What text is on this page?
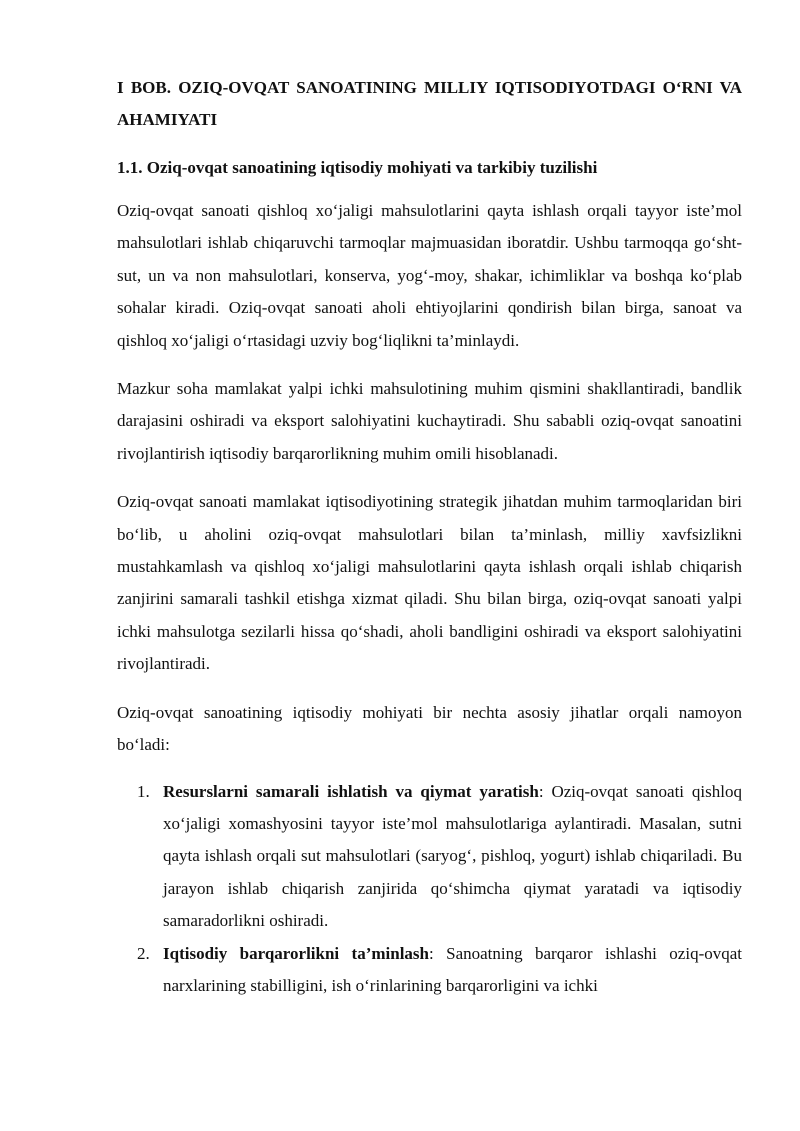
I BOB. OZIQ-OVQAT SANOATINING MILLIY IQTISODIYOTDAGI O‘RNI VA AHAMIYATI
1.1. Oziq-ovqat sanoatining iqtisodiy mohiyati va tarkibiy tuzilishi

Oziq-ovqat sanoati qishloq xo‘jaligi mahsulotlarini qayta ishlash orqali tayyor iste’mol mahsulotlari ishlab chiqaruvchi tarmoqlar majmuasidan iboratdir. Ushbu tarmoqqa go‘sht-sut, un va non mahsulotlari, konserva, yog‘-moy, shakar, ichimliklar va boshqa ko‘plab sohalar kiradi. Oziq-ovqat sanoati aholi ehtiyojlarini qondirish bilan birga, sanoat va qishloq xo‘jaligi o‘rtasidagi uzviy bog‘liqlikni ta’minlaydi.

Mazkur soha mamlakat yalpi ichki mahsulotining muhim qismini shakllantiradi, bandlik darajasini oshiradi va eksport salohiyatini kuchaytiradi. Shu sababli oziq-ovqat sanoatini rivojlantirish iqtisodiy barqarorlikning muhim omili hisoblanadi.

Oziq-ovqat sanoati mamlakat iqtisodiyotining strategik jihatdan muhim tarmoqlaridan biri bo‘lib, u aholini oziq-ovqat mahsulotlari bilan ta’minlash, milliy xavfsizlikni mustahkamlash va qishloq xo‘jaligi mahsulotlarini qayta ishlash orqali ishlab chiqarish zanjirini samarali tashkil etishga xizmat qiladi. Shu bilan birga, oziq-ovqat sanoati yalpi ichki mahsulotga sezilarli hissa qo‘shadi, aholi bandligini oshiradi va eksport salohiyatini rivojlantiradi.

Oziq-ovqat sanoatining iqtisodiy mohiyati bir nechta asosiy jihatlar orqali namoyon bo‘ladi:

1. Resurslarni samarali ishlatish va qiymat yaratish: Oziq-ovqat sanoati qishloq xo‘jaligi xomashyosini tayyor iste’mol mahsulotlariga aylantiradi. Masalan, sutni qayta ishlash orqali sut mahsulotlari (saryog‘, pishloq, yogurt) ishlab chiqariladi. Bu jarayon ishlab chiqarish zanjirida qo‘shimcha qiymat yaratadi va iqtisodiy samaradorlikni oshiradi.
2. Iqtisodiy barqarorlikni ta’minlash: Sanoatning barqaror ishlashi oziq-ovqat narxlarining stabilligini, ish o‘rinlarining barqarorligini va ichki
